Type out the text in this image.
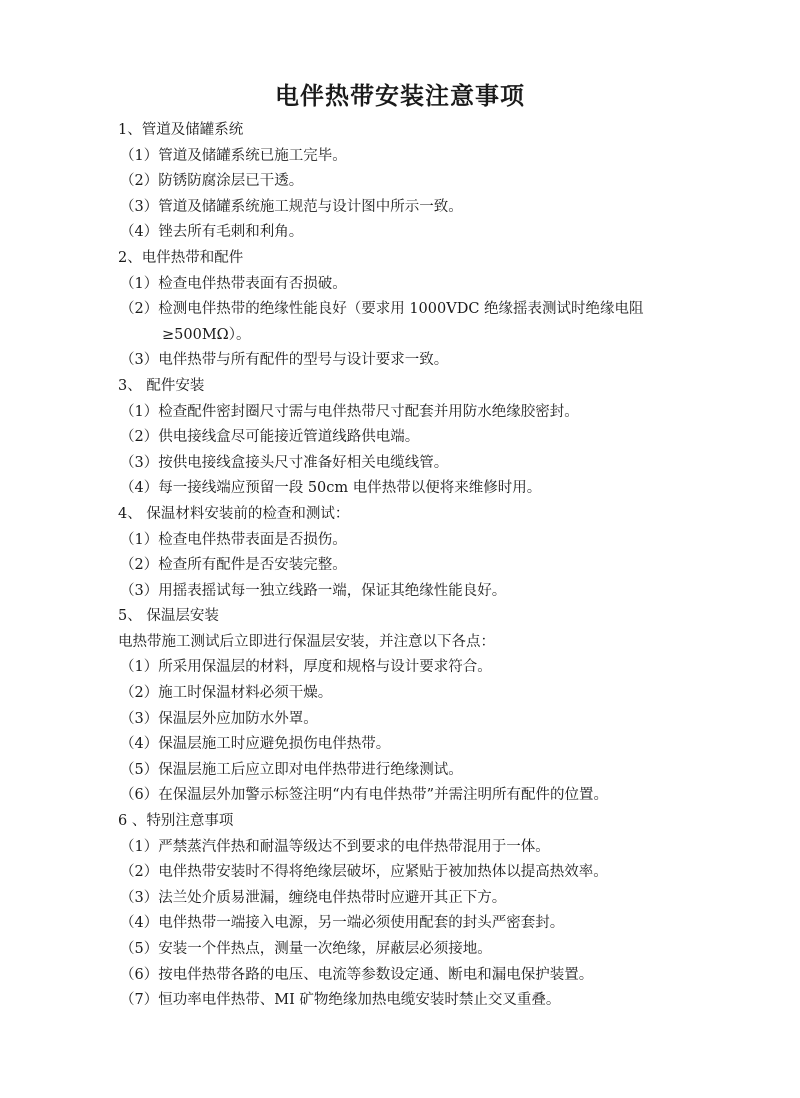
电伴热带安装注意事项
1、管道及储罐系统
（1）管道及储罐系统已施工完毕。
（2）防锈防腐涂层已干透。
（3）管道及储罐系统施工规范与设计图中所示一致。
（4）锉去所有毛刺和利角。
2、电伴热带和配件
（1）检查电伴热带表面有否损破。
（2）检测电伴热带的绝缘性能良好（要求用 1000VDC 绝缘摇表测试时绝缘电阻
≥500MΩ）。
（3）电伴热带与所有配件的型号与设计要求一致。
3、 配件安装
（1）检查配件密封圈尺寸需与电伴热带尺寸配套并用防水绝缘胶密封。
（2）供电接线盒尽可能接近管道线路供电端。
（3）按供电接线盒接头尺寸准备好相关电缆线管。
（4）每一接线端应预留一段 50cm 电伴热带以便将来维修时用。
4、 保温材料安装前的检查和测试：
（1）检查电伴热带表面是否损伤。
（2）检查所有配件是否安装完整。
（3）用摇表摇试每一独立线路一端，保证其绝缘性能良好。
5、 保温层安装
电热带施工测试后立即进行保温层安装，并注意以下各点：
（1）所采用保温层的材料，厚度和规格与设计要求符合。
（2）施工时保温材料必须干燥。
（3）保温层外应加防水外罩。
（4）保温层施工时应避免损伤电伴热带。
（5）保温层施工后应立即对电伴热带进行绝缘测试。
（6）在保温层外加警示标签注明“内有电伴热带”并需注明所有配件的位置。
6 、特别注意事项
（1）严禁蒸汽伴热和耐温等级达不到要求的电伴热带混用于一体。
（2）电伴热带安装时不得将绝缘层破坏，应紧贴于被加热体以提高热效率。
（3）法兰处介质易泄漏，缠绕电伴热带时应避开其正下方。
（4）电伴热带一端接入电源，另一端必须使用配套的封头严密套封。
（5）安装一个伴热点，测量一次绝缘，屏蔽层必须接地。
（6）按电伴热带各路的电压、电流等参数设定通、断电和漏电保护装置。
（7）恒功率电伴热带、MI 矿物绝缘加热电缆安装时禁止交叉重叠。
